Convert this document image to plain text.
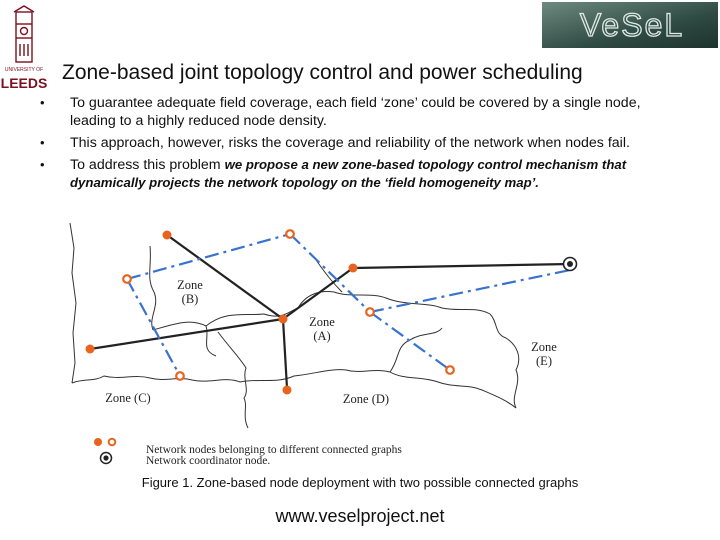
UNIVERSITY OF
LEEDS
VeSeL
Zone-based joint topology control and power scheduling
• To guarantee adequate field coverage, each field ‘zone’ could be covered by a single node, leading to a highly reduced node density.
• This approach, however, risks the coverage and reliability of the network when nodes fail.
• To address this problem we propose a new zone-based topology control mechanism that dynamically projects the network topology on the ‘field homogeneity map’.
Zone (B)
Zone (A)
Zone (E)
Zone (C)	Zone (D)
Network nodes belonging to different connected graphs
Network coordinator node.
Figure 1. Zone-based node deployment with two possible connected graphs
www.veselproject.net
